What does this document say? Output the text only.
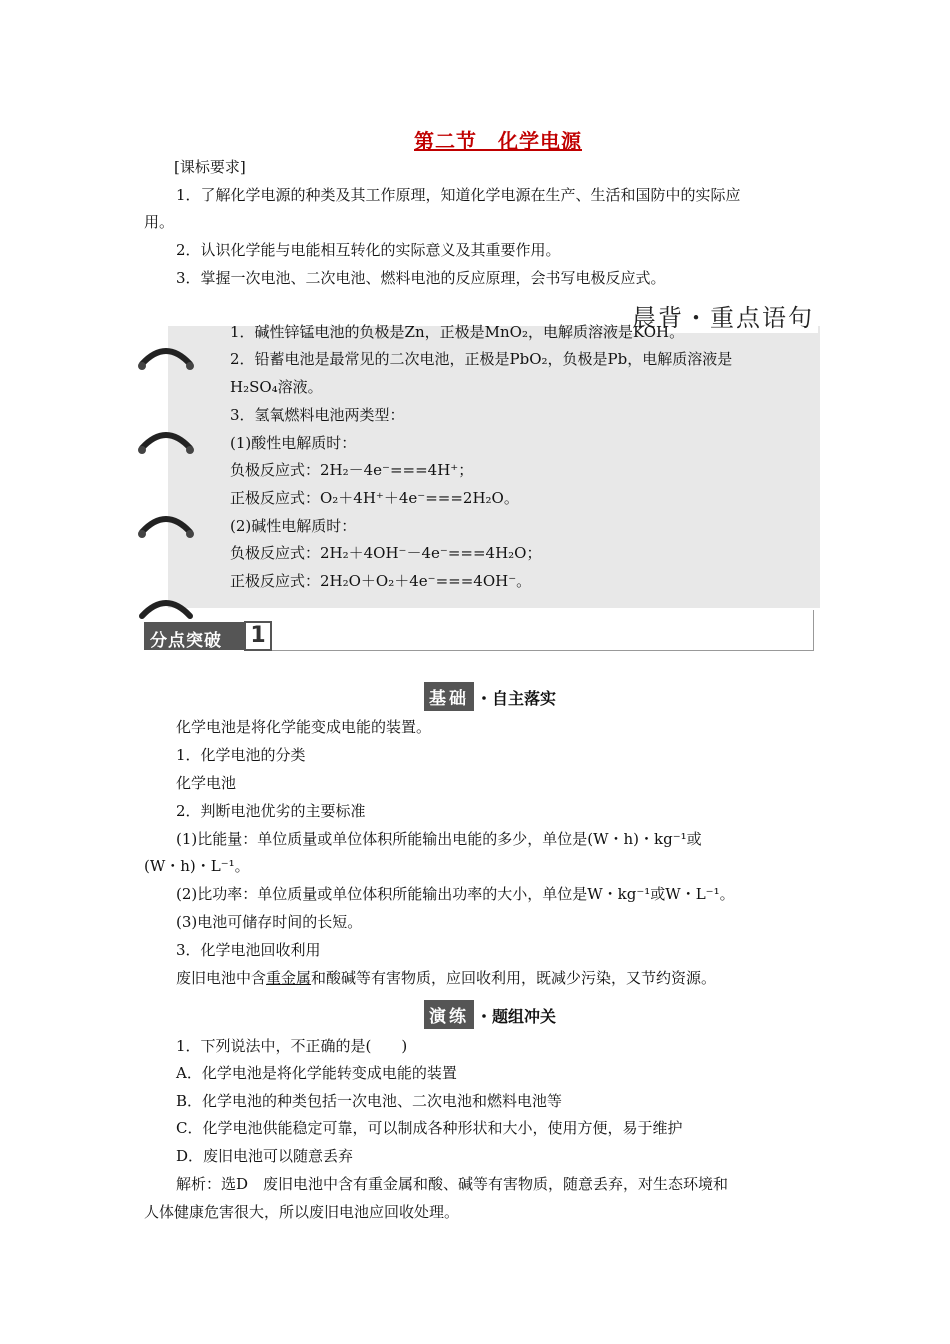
第二节　化学电源
[课标要求]
1．了解化学电源的种类及其工作原理，知道化学电源在生产、生活和国防中的实际应
用。
2．认识化学能与电能相互转化的实际意义及其重要作用。
3．掌握一次电池、二次电池、燃料电池的反应原理，会书写电极反应式。
晨背・重点语句
1．碱性锌锰电池的负极是Zn，正极是MnO₂，电解质溶液是KOH。
2．铅蓄电池是最常见的二次电池，正极是PbO₂，负极是Pb，电解质溶液是
H₂SO₄溶液。
3．氢氧燃料电池两类型：
(1)酸性电解质时：
负极反应式：2H₂－4e⁻===4H⁺；
正极反应式：O₂＋4H⁺＋4e⁻===2H₂O。
(2)碱性电解质时：
负极反应式：2H₂＋4OH⁻－4e⁻===4H₂O；
正极反应式：2H₂O＋O₂＋4e⁻===4OH⁻。
分点突破 1
基础 ・自主落实
化学电池是将化学能变成电能的装置。
1．化学电池的分类
化学电池
2．判断电池优劣的主要标准
(1)比能量：单位质量或单位体积所能输出电能的多少，单位是(W・h)・kg⁻¹或
(W・h)・L⁻¹。
(2)比功率：单位质量或单位体积所能输出功率的大小，单位是W・kg⁻¹或W・L⁻¹。
(3)电池可储存时间的长短。
3．化学电池回收利用
废旧电池中含重金属和酸碱等有害物质，应回收利用，既减少污染，又节约资源。
演练 ・题组冲关
1．下列说法中，不正确的是(　　)
A．化学电池是将化学能转变成电能的装置
B．化学电池的种类包括一次电池、二次电池和燃料电池等
C．化学电池供能稳定可靠，可以制成各种形状和大小，使用方便，易于维护
D．废旧电池可以随意丢弃
解析：选D　废旧电池中含有重金属和酸、碱等有害物质，随意丢弃，对生态环境和
人体健康危害很大，所以废旧电池应回收处理。
